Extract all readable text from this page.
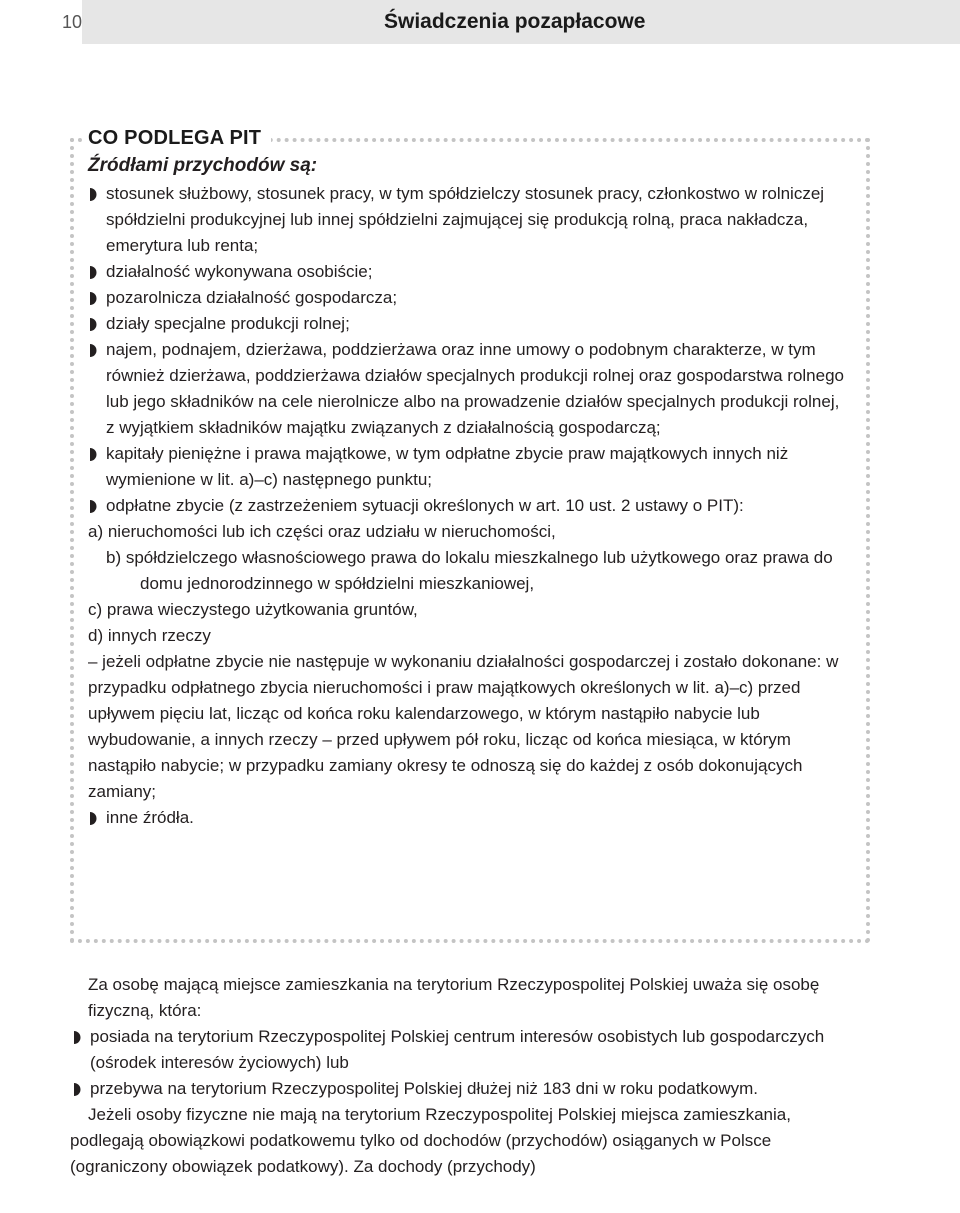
10	Świadczenia pozapłacowe
CO PODLEGA PIT
Źródłami przychodów są:

stosunek służbowy, stosunek pracy, w tym spółdzielczy stosunek pracy, członkostwo w rolniczej spółdzielni produkcyjnej lub innej spółdzielni zajmującej się produkcją rolną, praca nakładcza, emerytura lub renta;

działalność wykonywana osobiście;

pozarolnicza działalność gospodarcza;

działy specjalne produkcji rolnej;

najem, podnajem, dzierżawa, poddzierżawa oraz inne umowy o podobnym charakterze, w tym również dzierżawa, poddzierżawa działów specjalnych produkcji rolnej oraz gospodarstwa rolnego lub jego składników na cele nierolnicze albo na prowadzenie działów specjalnych produkcji rolnej, z wyjątkiem składników majątku związanych z działalnością gospodarczą;

kapitały pieniężne i prawa majątkowe, w tym odpłatne zbycie praw majątkowych innych niż wymienione w lit. a)–c) następnego punktu;

odpłatne zbycie (z zastrzeżeniem sytuacji określonych w art. 10 ust. 2 ustawy o PIT):

a) nieruchomości lub ich części oraz udziału w nieruchomości,

b) spółdzielczego własnościowego prawa do lokalu mieszkalnego lub użytkowego oraz prawa do domu jednorodzinnego w spółdzielni mieszkaniowej,

c) prawa wieczystego użytkowania gruntów,

d) innych rzeczy

– jeżeli odpłatne zbycie nie następuje w wykonaniu działalności gospodarczej i zostało dokonane: w przypadku odpłatnego zbycia nieruchomości i praw majątkowych określonych w lit. a)–c) przed upływem pięciu lat, licząc od końca roku kalendarzowego, w którym nastąpiło nabycie lub wybudowanie, a innych rzeczy – przed upływem pół roku, licząc od końca miesiąca, w którym nastąpiło nabycie; w przypadku zamiany okresy te odnoszą się do każdej z osób dokonujących zamiany;

inne źródła.

Za osobę mającą miejsce zamieszkania na terytorium Rzeczypospolitej Polskiej uważa się osobę fizyczną, która:

posiada na terytorium Rzeczypospolitej Polskiej centrum interesów osobistych lub gospodarczych (ośrodek interesów życiowych) lub

przebywa na terytorium Rzeczypospolitej Polskiej dłużej niż 183 dni w roku podatkowym.

Jeżeli osoby fizyczne nie mają na terytorium Rzeczypospolitej Polskiej miejsca zamieszkania, podlegają obowiązkowi podatkowemu tylko od dochodów (przychodów) osiąganych w Polsce (ograniczony obowiązek podatkowy). Za dochody (przychody)
